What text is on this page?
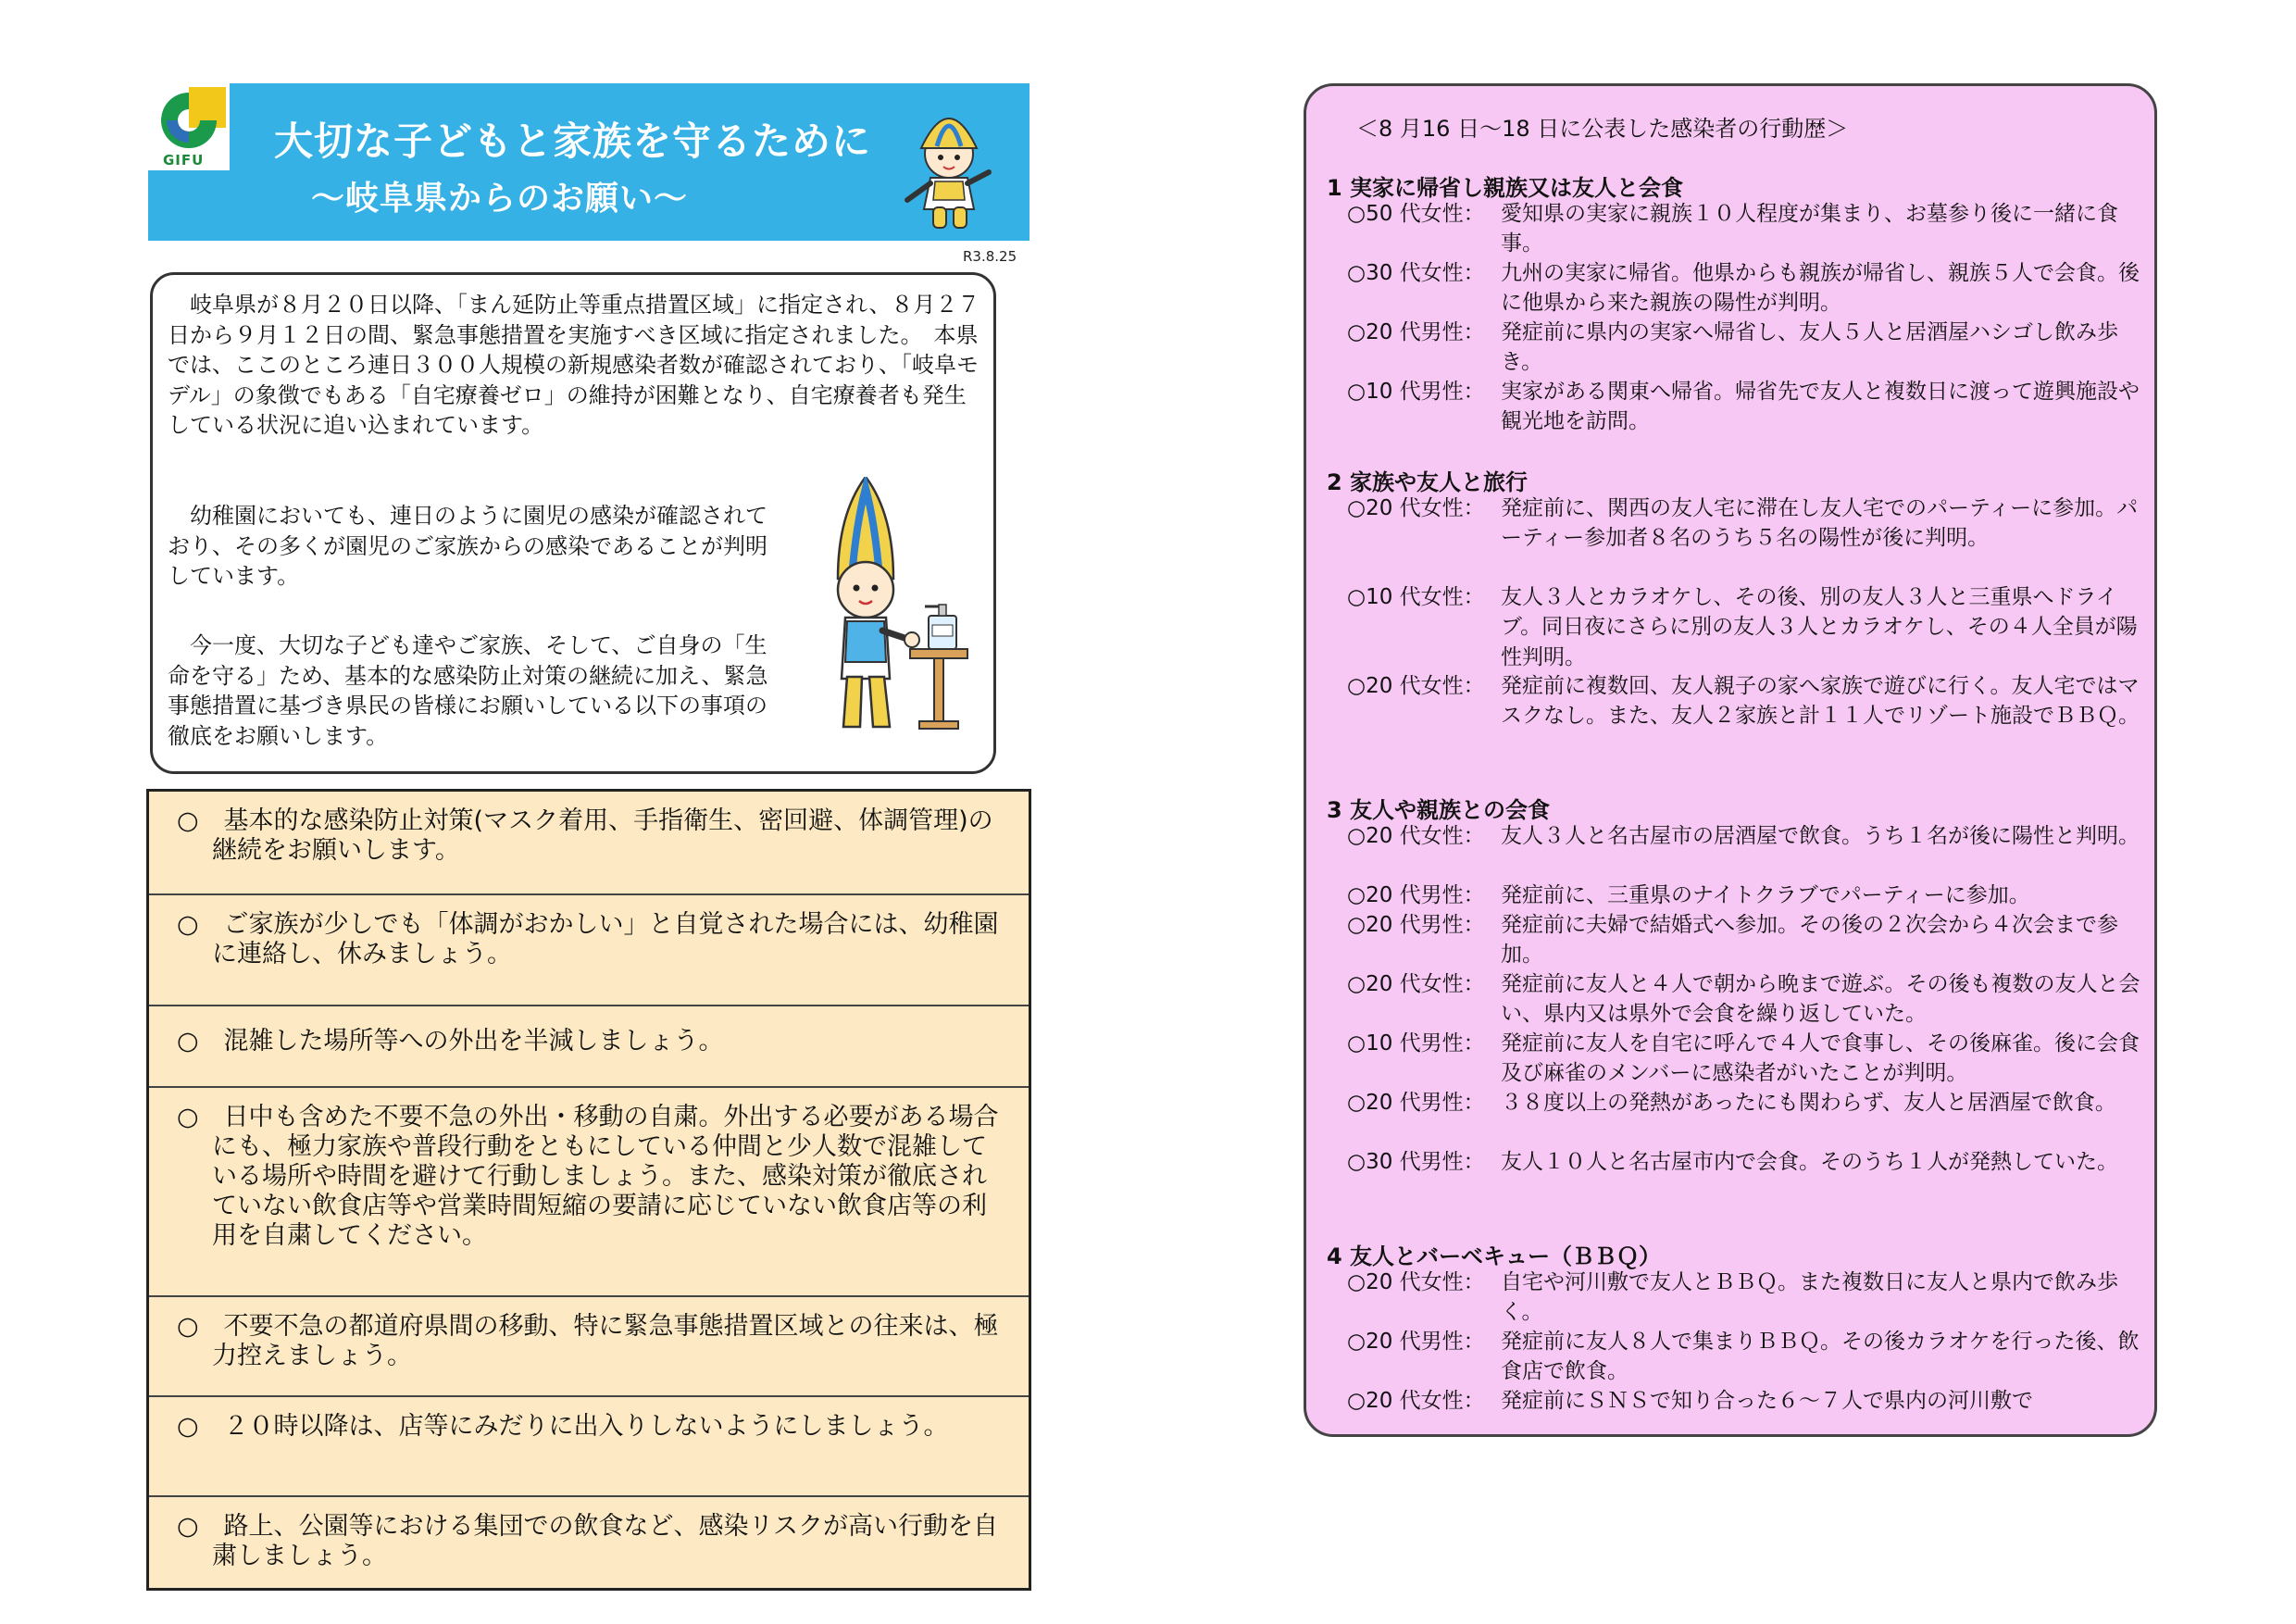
GIFU 大切な子どもと家族を守るために
～岐阜県からのお願い～
R3.8.25

　岐阜県が８月２０日以降、「まん延防止等重点措置区域」に指定され、８月２７日から９月１２日の間、緊急事態措置を実施すべき区域に指定されました。　本県では、ここのところ連日３００人規模の新規感染者数が確認されており、「岐阜モデル」の象徴でもある「自宅療養ゼロ」の維持が困難となり、自宅療養者も発生している状況に追い込まれています。

　幼稚園においても、連日のように園児の感染が確認されており、その多くが園児のご家族からの感染であることが判明しています。

　今一度、大切な子ども達やご家族、そして、ご自身の「生命を守る」ため、基本的な感染防止対策の継続に加え、緊急事態措置に基づき県民の皆様にお願いしている以下の事項の徹底をお願いします。

○　基本的な感染防止対策(マスク着用、手指衛生、密回避、体調管理)の継続をお願いします。
○　ご家族が少しでも「体調がおかしい」と自覚された場合には、幼稚園に連絡し、休みましょう。
○　混雑した場所等への外出を半減しましょう。
○　日中も含めた不要不急の外出・移動の自粛。外出する必要がある場合にも、極力家族や普段行動をともにしている仲間と少人数で混雑している場所や時間を避けて行動しましょう。また、感染対策が徹底されていない飲食店等や営業時間短縮の要請に応じていない飲食店等の利用を自粛してください。
○　不要不急の都道府県間の移動、特に緊急事態措置区域との往来は、極力控えましょう。
○　２０時以降は、店等にみだりに出入りしないようにしましょう。
○　路上、公園等における集団での飲食など、感染リスクが高い行動を自粛しましょう。
＜8 月16 日～18 日に公表した感染者の行動歴＞
1 実家に帰省し親族又は友人と会食
○50 代女性： 愛知県の実家に親族１０人程度が集まり、お墓参り後に一緒に食事。
○30 代女性： 九州の実家に帰省。他県からも親族が帰省し、親族５人で会食。後に他県から来た親族の陽性が判明。
○20 代男性： 発症前に県内の実家へ帰省し、友人５人と居酒屋ハシゴし飲み歩き。
○10 代男性： 実家がある関東へ帰省。帰省先で友人と複数日に渡って遊興施設や観光地を訪問。
2 家族や友人と旅行
○20 代女性： 発症前に、関西の友人宅に滞在し友人宅でのパーティーに参加。パーティー参加者８名のうち５名の陽性が後に判明。
○10 代女性： 友人３人とカラオケし、その後、別の友人３人と三重県へドライブ。同日夜にさらに別の友人３人とカラオケし、その４人全員が陽性判明。
○20 代女性： 発症前に複数回、友人親子の家へ家族で遊びに行く。友人宅ではマスクなし。また、友人２家族と計１１人でリゾート施設でＢＢＱ。
3 友人や親族との会食
○20 代女性： 友人３人と名古屋市の居酒屋で飲食。うち１名が後に陽性と判明。
○20 代男性： 発症前に、三重県のナイトクラブでパーティーに参加。
○20 代男性： 発症前に夫婦で結婚式へ参加。その後の２次会から４次会まで参加。
○20 代女性： 発症前に友人と４人で朝から晩まで遊ぶ。その後も複数の友人と会い、県内又は県外で会食を繰り返していた。
○10 代男性： 発症前に友人を自宅に呼んで４人で食事し、その後麻雀。後に会食及び麻雀のメンバーに感染者がいたことが判明。
○20 代男性： ３８度以上の発熱があったにも関わらず、友人と居酒屋で飲食。
○30 代男性： 友人１０人と名古屋市内で会食。そのうち１人が発熱していた。
4 友人とバーベキュー（ＢＢＱ）
○20 代女性： 自宅や河川敷で友人とＢＢＱ。また複数日に友人と県内で飲み歩く。
○20 代男性： 発症前に友人８人で集まりＢＢＱ。その後カラオケを行った後、飲食店で飲食。
○20 代女性： 発症前にＳＮＳで知り合った６～７人で県内の河川敷で
